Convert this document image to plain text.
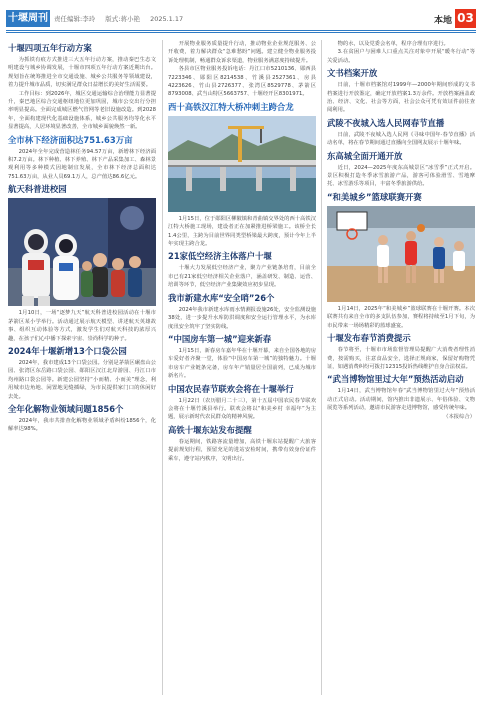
十堰周刊 责任编辑:李玲 版式:蒋小艳 2025.1.17	本地 03
十堰四项五年行动方案

为抓铁有痕方式推进三大五年行动方案，推动秦巴生态文明建设与城乡协调发展，十堰市四项五年行动方案近期出台。规划旨在统筹推进全市交通设施、城乡公共服务等领域建设，着力提升城市品质，切实满足群众日益增长的美好生活需要。

工作目标：到2026年，城区交通运输综合治理能力显著提升，秦巴地区综合交通枢纽地位更加巩固，城市公交出行分担率明显提高。全面完成城区燃气管网等老旧设施改造。到2028年，全面构建现代化基础设施体系，城乡公共服务均等化水平显著提高，人居环境显著改善，全市城乡面貌焕然一新。

全市林下经济面积达751.63万亩

2024年全年完成营造林任务94.57万亩，新增林下经济面积7.2万亩。林下种植、林下养殖、林下产品采集加工、森林景观利用等多种模式因地制宜发展，全市林下经济总面积达751.63万亩，从业人员69.1万人，总产值达86.6亿元。

航天科普进校园

1月10日，一场“逐梦九天”航天科普进校园活动在十堰市茅箭区某小学举行。活动通过展示航天模型、讲述航天英雄故事、组织互动体验等方式，激发学生们对航天科技的浓厚兴趣，在孩子们心中播下探索宇宙、崇尚科学的种子。

2024年十堰新增13个口袋公园

2024年，我市建成13个口袋公园。分别是茅箭区碾盘山公园、张湾区东岳路口袋公园、郧阳区汉江北岸游园、丹江口市均州路口袋公园等。新建公园坚持“小而精、小而美”理念，利用城市边角地、闲置地见缝插绿，为市民提供家门口的休闲好去处。

全年化解物业领域问题1856个

2024年，我市共排查化解物业领域矛盾纠纷1856个，化解率达98%。

开展物业服务质量提升行动，推动物业企业规范服务、公开收费，着力解决群众“急难愁盼”问题。建立健全物业服务投诉处理机制，畅通群众诉求渠道，物业服务满意度持续提升。

各县市区物业服务投诉电话：丹江口市5210136、郧西县7223346、郧阳区8214538、竹溪县2527361、房县4223626、竹山县2726377、张湾区8529778、茅箭区8793008、武当山特区5663757、十堰经开区8301971。

西十高铁汉江特大桥冲刺主跨合龙

1月15日，位于郧阳区柳陂镇和青曲镇交界处的西十高铁汉江特大桥施工现场，建设者正在加紧推进桥梁施工。该桥全长1.4公里，主跨为目前世界同类型桥梁最大跨度，预计今年上半年实现主跨合龙。

21家低空经济主体落户十堰

十堰大力发展低空经济产业，聚力产业链条培育，目前全市已有21家低空经济相关企业落户，涵盖研发、制造、运营、培训等环节，低空经济产业集聚效应初步显现。

我市新建水库“安全哨”26个

2024年我市新建水库雨水情测报设施26处，安全监测设施38处，进一步提升水库防洪调度和安全运行管理水平，为水库度汛安全筑牢了坚实防线。

“中国房车第一城”迎来新春

1月15日，新春房车嘉年华在十堰开幕，来自全国各地的房车爱好者齐聚一堂，体验“中国房车第一城”的独特魅力。十堰市房车产业链条完备，房车年产销量居全国前列，已成为城市新名片。

中国农民春节联欢会将在十堰举行

1月22日（农历腊月二十三），第十五届中国农民春节联欢会将在十堰竹溪县举行。联欢会将以“和美乡村 幸福年”为主题，展示新时代农民群众的精神风貌。

高铁十堰东站发布提醒

春运期间，铁路客流量增加，高铁十堰东站提醒广大旅客提前规划行程，预留充足的进站安检时间，携带有效身份证件乘车，遵守站内秩序，文明出行。

物的水，以及党委会名单，程序合理有序进行。

3.在贫困户与困难人口重点关注对象中开展“暖冬行动”等关爱活动。

文书档案开放

日前，十堰市档案馆对1999年—2000年期间形成的文书档案进行开放鉴定，确定开放档案1.3万余件。开放档案涵盖政治、经济、文化、社会等方面，社会公众可凭有效证件前往查阅利用。

武陵不夜城入选人民网春节直播

日前，武陵不夜城入选人民网《寻味中国年·春节直播》活动名单，将在春节期间通过直播向全国网友展示十堰年味。

东高城全面开通开放

近日，2024—2025年度东高城景区“冰雪季”正式开启。景区积极打造冬季冰雪旅游产品，游客可体验滑雪、雪地摩托、冰雪游乐等项目，丰富冬季旅游供给。

“和美城乡”篮球联赛开赛

1月14日，2025年“和美城乡”篮球联赛在十堰开赛。本次联赛共有来自全市的多支队伍参加，赛程将持续至1月下旬，为市民带来一场场精彩的篮球盛宴。

十堰发布春节消费提示

春节将至，十堰市市场监督管理局提醒广大消费者理性消费，按需购买，注意食品安全，选择正规商家，保留好购物凭证，如遇消费纠纷可拨打12315投诉热线维护自身合法权益。

“武当博物馆里过大年”预热活动启动

1月14日，武当博物馆年春“武当博物馆里过大年”预热活动正式启动。活动期间，馆内推出非遗展示、年俗体验、文物展览等系列活动，邀请市民游客走进博物馆，感受传统年味。

（本报综合）
